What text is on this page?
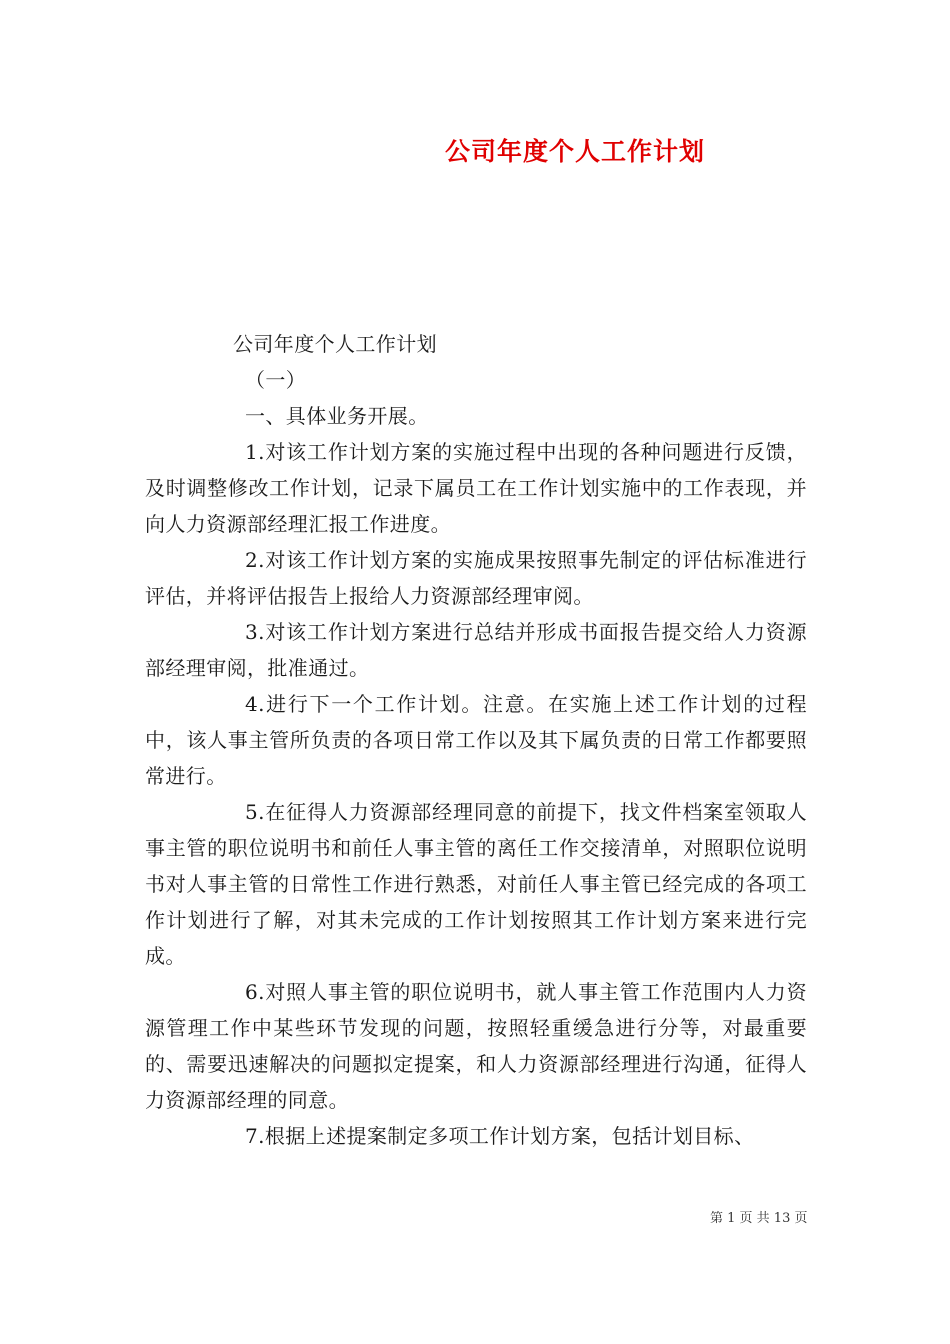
公司年度个人工作计划

公司年度个人工作计划

（一）

一、具体业务开展。

1.对该工作计划方案的实施过程中出现的各种问题进行反馈，及时调整修改工作计划，记录下属员工在工作计划实施中的工作表现，并向人力资源部经理汇报工作进度。

2.对该工作计划方案的实施成果按照事先制定的评估标准进行评估，并将评估报告上报给人力资源部经理审阅。

3.对该工作计划方案进行总结并形成书面报告提交给人力资源部经理审阅，批准通过。

4.进行下一个工作计划。注意。在实施上述工作计划的过程中，该人事主管所负责的各项日常工作以及其下属负责的日常工作都要照常进行。

5.在征得人力资源部经理同意的前提下，找文件档案室领取人事主管的职位说明书和前任人事主管的离任工作交接清单，对照职位说明书对人事主管的日常性工作进行熟悉，对前任人事主管已经完成的各项工作计划进行了解，对其未完成的工作计划按照其工作计划方案来进行完成。

6.对照人事主管的职位说明书，就人事主管工作范围内人力资源管理工作中某些环节发现的问题，按照轻重缓急进行分等，对最重要的、需要迅速解决的问题拟定提案，和人力资源部经理进行沟通，征得人力资源部经理的同意。

7.根据上述提案制定多项工作计划方案，包括计划目标、

第 1 页 共 13 页
